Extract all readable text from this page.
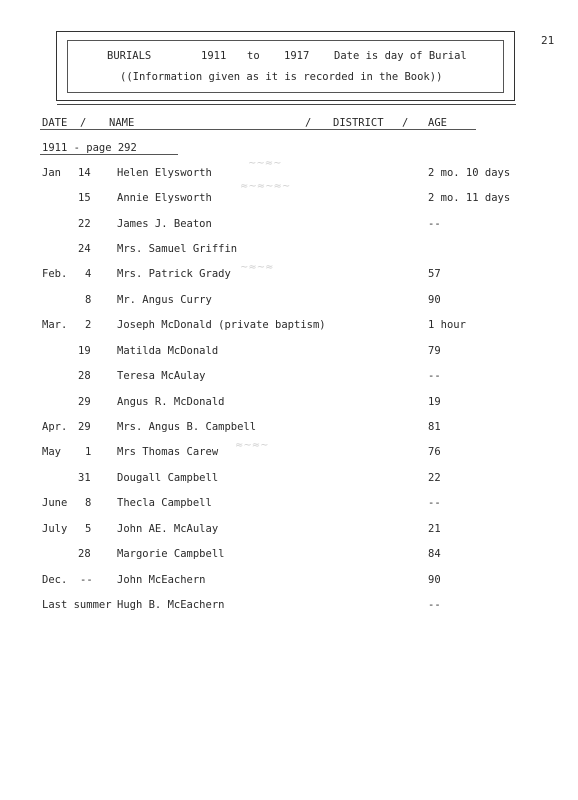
21
BURIALS	1911 to 1917 Date is day of Burial
((Information given as it is recorded in the Book))
DATE / NAME	/ DISTRICT / AGE
1911 - page 292
∼∼≈∼
≈∼≈∼≈∼
∼≈∼≈
≈∼≈∼
Jan 14	Helen Elysworth	2 mo. 10 days
15	Annie Elysworth	2 mo. 11 days
22	James J. Beaton	--
24	Mrs. Samuel Griffin
Feb. 4 Mrs. Patrick Grady	57
8 Mr. Angus Curry	90
Mar. 2 Joseph McDonald (private baptism)	1 hour
19	Matilda McDonald	79
28	Teresa McAulay	--
29	Angus R. McDonald	19
Apr. 29	Mrs. Angus B. Campbell	81
May 1 Mrs Thomas Carew	76
31	Dougall Campbell	22
June 8 Thecla Campbell	--
July 5 John AE. McAulay	21
28	Margorie Campbell	84
Dec. -- John McEachern	90
Last summer Hugh B. McEachern	--
